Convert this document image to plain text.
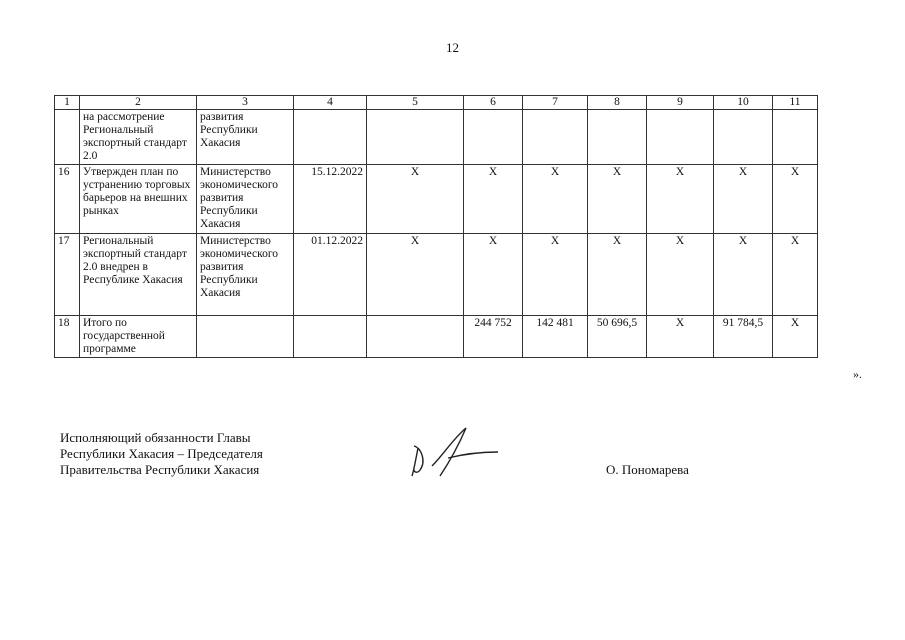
12
1	2	3	4	5	6	7	8	9	10	11
	на рассмотрение Региональный экспортный стандарт 2.0	развития Республики Хакасия								
16	Утвержден план по устранению торговых барьеров на внешних рынках	Министерство экономического развития Республики Хакасия	15.12.2022	Х	Х	Х	Х	Х	Х	Х
17	Региональный экспортный стандарт 2.0 внедрен в Республике Хакасия	Министерство экономического развития Республики Хакасия	01.12.2022	Х	Х	Х	Х	Х	Х	Х
18	Итого по государственной программе				244 752	142 481	50 696,5	Х	91 784,5	Х
».
Исполняющий обязанности Главы
Республики Хакасия – Председателя
Правительства Республики Хакасия	О. Пономарева
